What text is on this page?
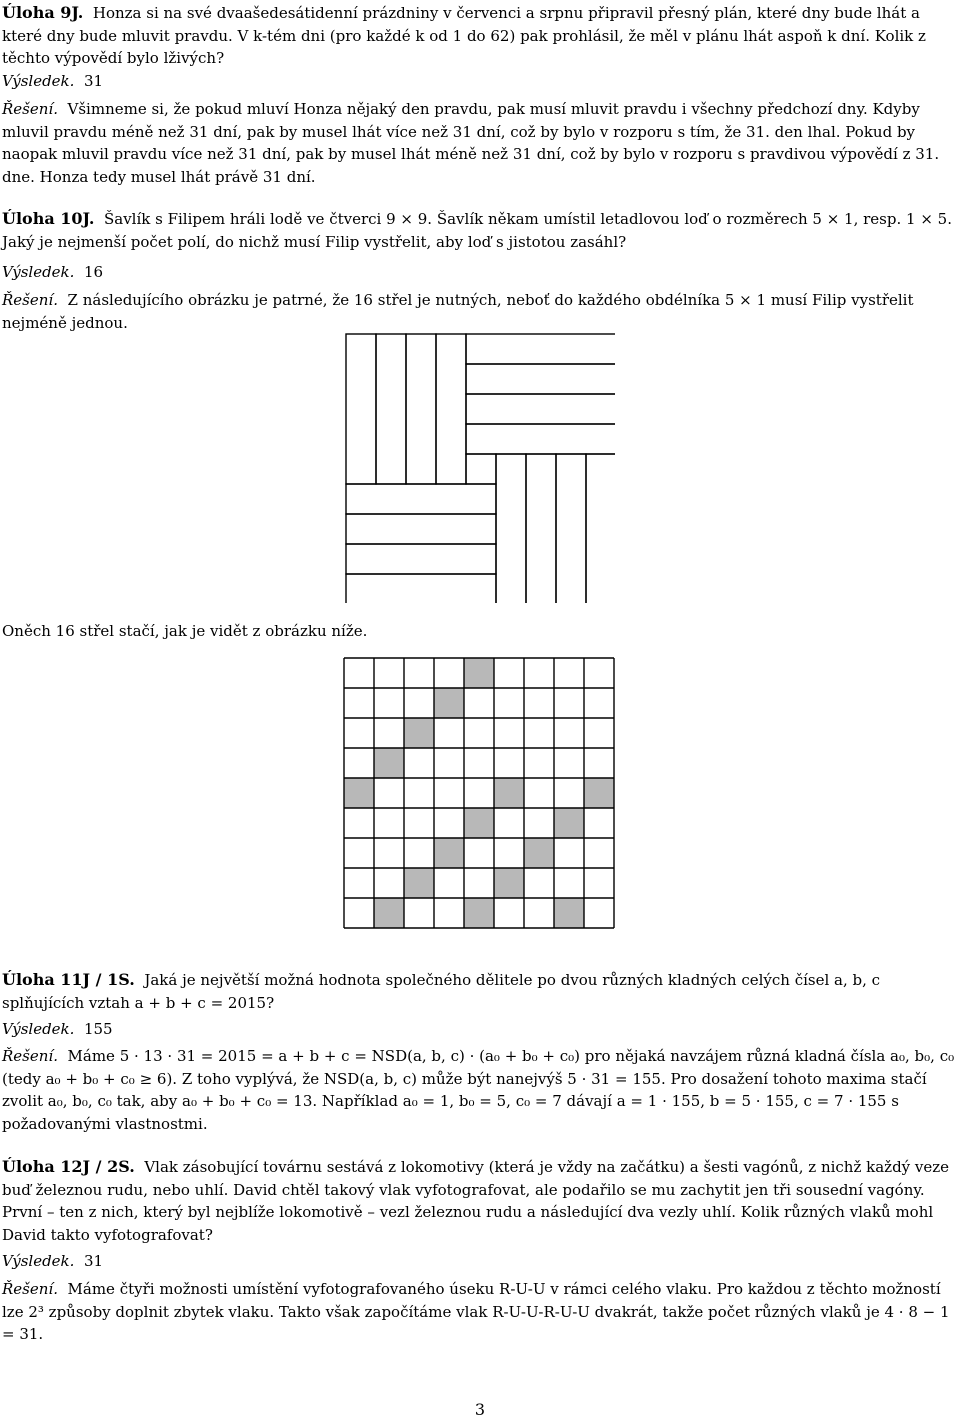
Úloha 9J. Honza si na své dvaašedesátidenní prázdniny v červenci a srpnu připravil přesný plán, které dny bude lhát a které dny bude mluvit pravdu. V k-tém dni (pro každé k od 1 do 62) pak prohlásil, že měl v plánu lhát aspoň k dní. Kolik z těchto výpovědí bylo lživých?
Výsledek. 31
Řešení. Všimneme si, že pokud mluví Honza nějaký den pravdu, pak musí mluvit pravdu i všechny předchozí dny. Kdyby mluvil pravdu méně než 31 dní, pak by musel lhát více než 31 dní, což by bylo v rozporu s tím, že 31. den lhal. Pokud by naopak mluvil pravdu více než 31 dní, pak by musel lhát méně než 31 dní, což by bylo v rozporu s pravdivou výpovědí z 31. dne. Honza tedy musel lhát právě 31 dní.
Úloha 10J. Šavlík s Filipem hráli lodě ve čtverci 9 × 9. Šavlík někam umístil letadlovou loď o rozměrech 5 × 1, resp. 1 × 5. Jaký je nejmenší počet polí, do nichž musí Filip vystřelit, aby loď s jistotou zasáhl?
Výsledek. 16
Řešení. Z následujícího obrázku je patrné, že 16 střel je nutných, neboť do každého obdélníka 5 × 1 musí Filip vystřelit nejméně jednou.
Oněch 16 střel stačí, jak je vidět z obrázku níže.
Úloha 11J / 1S. Jaká je největší možná hodnota společného dělitele po dvou různých kladných celých čísel a, b, c splňujících vztah a + b + c = 2015?
Výsledek. 155
Řešení. Máme 5 · 13 · 31 = 2015 = a + b + c = NSD(a, b, c) · (a₀ + b₀ + c₀) pro nějaká navzájem různá kladná čísla a₀, b₀, c₀ (tedy a₀ + b₀ + c₀ ≥ 6). Z toho vyplývá, že NSD(a, b, c) může být nanejvýš 5 · 31 = 155. Pro dosažení tohoto maxima stačí zvolit a₀, b₀, c₀ tak, aby a₀ + b₀ + c₀ = 13. Například a₀ = 1, b₀ = 5, c₀ = 7 dávají a = 1 · 155, b = 5 · 155, c = 7 · 155 s požadovanými vlastnostmi.
Úloha 12J / 2S. Vlak zásobující továrnu sestává z lokomotivy (která je vždy na začátku) a šesti vagónů, z nichž každý veze buď železnou rudu, nebo uhlí. David chtěl takový vlak vyfotografovat, ale podařilo se mu zachytit jen tři sousední vagóny. První – ten z nich, který byl nejblíže lokomotivě – vezl železnou rudu a následující dva vezly uhlí. Kolik různých vlaků mohl David takto vyfotografovat?
Výsledek. 31
Řešení. Máme čtyři možnosti umístění vyfotografovaného úseku R-U-U v rámci celého vlaku. Pro každou z těchto možností lze 2³ způsoby doplnit zbytek vlaku. Takto však započítáme vlak R-U-U-R-U-U dvakrát, takže počet různých vlaků je 4 · 8 − 1 = 31.
3
